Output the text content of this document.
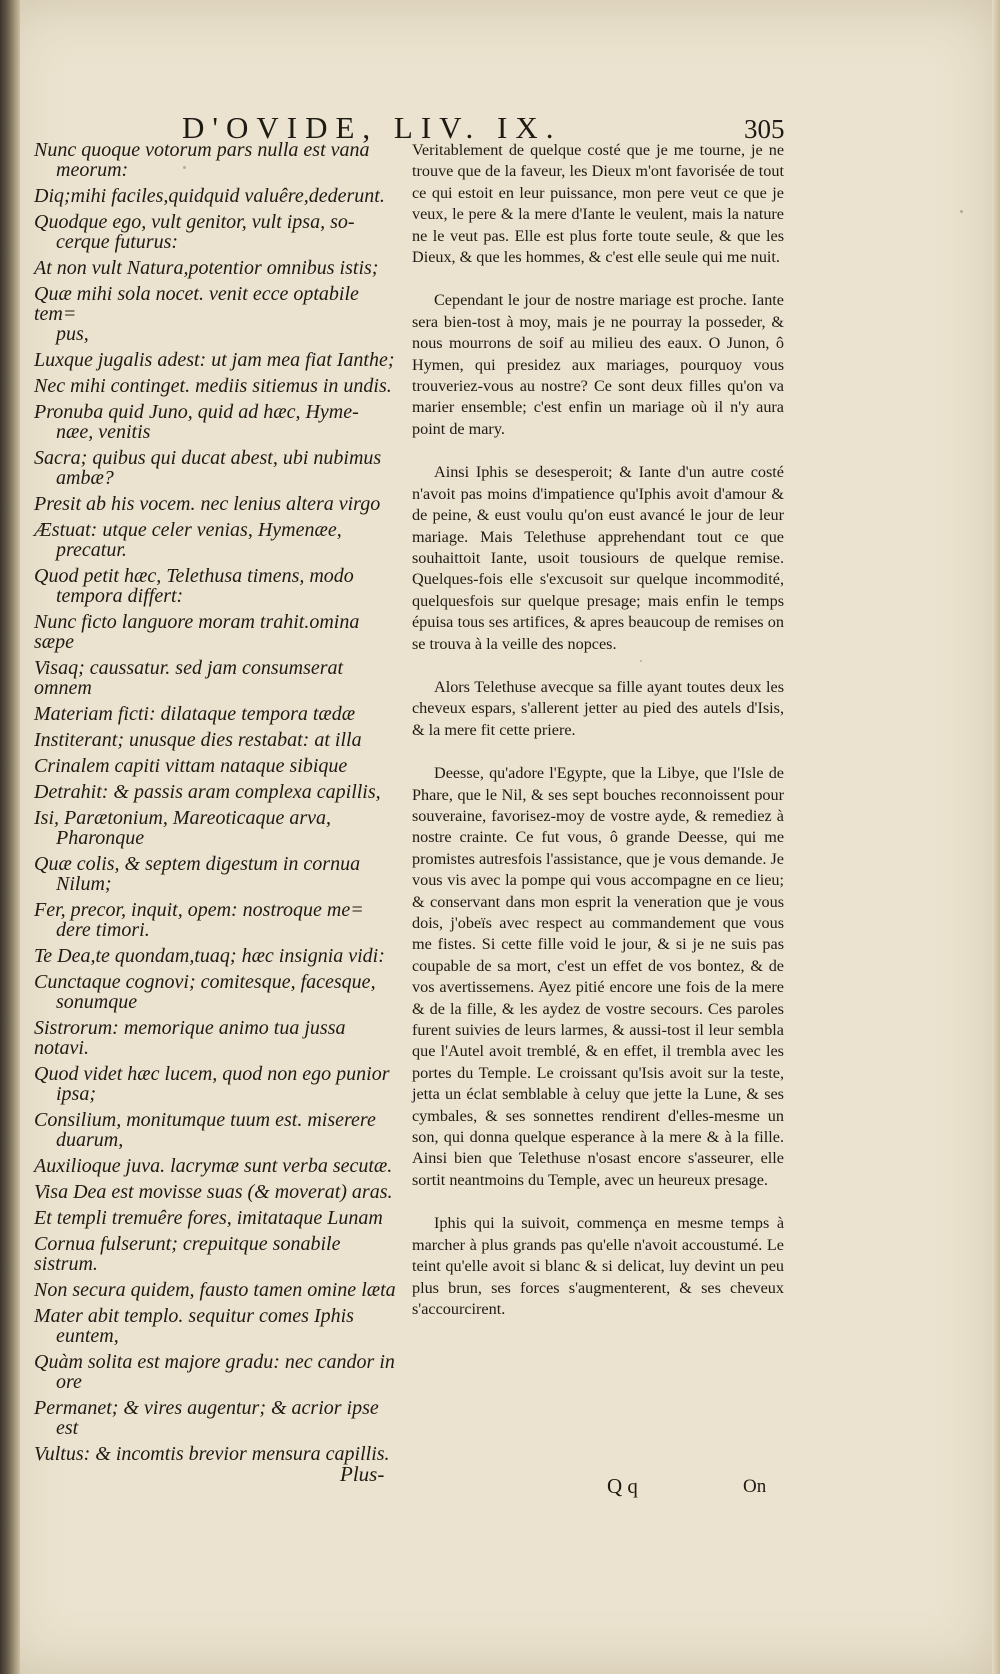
D'OVIDE, LIV. IX.	305

Nunc quoque votorum pars nulla est vana
meorum:

Diq;mihi faciles,quidquid valuêre,dederunt.

Quodque ego, vult genitor, vult ipsa, so-
cerque futurus:

At non vult Natura,potentior omnibus istis;

Quæ mihi sola nocet. venit ecce optabile tem=
pus,

Luxque jugalis adest: ut jam mea fiat Ianthe;

Nec mihi continget. mediis sitiemus in undis.

Pronuba quid Juno, quid ad hæc, Hyme-
næe, venitis

Sacra; quibus qui ducat abest, ubi nubimus
ambæ?

Presit ab his vocem. nec lenius altera virgo

Æstuat: utque celer venias, Hymenæe,
precatur.

Quod petit hæc, Telethusa timens, modo
tempora differt:

Nunc ficto languore moram trahit.omina sæpe

Visaq; caussatur. sed jam consumserat omnem

Materiam ficti: dilataque tempora tædæ

Institerant; unusque dies restabat: at illa

Crinalem capiti vittam nataque sibique

Detrahit: & passis aram complexa capillis,

Isi, Parætonium, Mareoticaque arva,
Pharonque

Quæ colis, & septem digestum in cornua
Nilum;

Fer, precor, inquit, opem: nostroque me=
dere timori.

Te Dea,te quondam,tuaq; hæc insignia vidi:

Cunctaque cognovi; comitesque, facesque,
sonumque

Sistrorum: memorique animo tua jussa notavi.

Quod videt hæc lucem, quod non ego punior
ipsa;

Consilium, monitumque tuum est. miserere
duarum,

Auxilioque juva. lacrymæ sunt verba secutæ.

Visa Dea est movisse suas (& moverat) aras.

Et templi tremuêre fores, imitataque Lunam

Cornua fulserunt; crepuitque sonabile sistrum.

Non secura quidem, fausto tamen omine læta

Mater abit templo. sequitur comes Iphis
euntem,

Quàm solita est majore gradu: nec candor in
ore

Permanet; & vires augentur; & acrior ipse
est

Vultus: & incomtis brevior mensura capillis.

Plus-

Veritablement de quelque costé que je me tourne, je ne trouve que de la faveur, les Dieux m'ont favorisée de tout ce qui estoit en leur puissance, mon pere veut ce que je veux, le pere & la mere d'Iante le veulent, mais la nature ne le veut pas. Elle est plus forte toute seule, & que les Dieux, & que les hommes, & c'est elle seule qui me nuit.

Cependant le jour de nostre mariage est proche. Iante sera bien-tost à moy, mais je ne pourray la posseder, & nous mourrons de soif au milieu des eaux. O Junon, ô Hymen, qui presidez aux mariages, pourquoy vous trouveriez-vous au nostre? Ce sont deux filles qu'on va marier ensemble; c'est enfin un mariage où il n'y aura point de mary.

Ainsi Iphis se desesperoit; & Iante d'un autre costé n'avoit pas moins d'impatience qu'Iphis avoit d'amour & de peine, & eust voulu qu'on eust avancé le jour de leur mariage. Mais Telethuse apprehendant tout ce que souhaittoit Iante, usoit tousiours de quelque remise. Quelques-fois elle s'excusoit sur quelque incommodité, quelquesfois sur quelque presage; mais enfin le temps épuisa tous ses artifices, & apres beaucoup de remises on se trouva à la veille des nopces.

Alors Telethuse avecque sa fille ayant toutes deux les cheveux espars, s'allerent jetter au pied des autels d'Isis, & la mere fit cette priere.

Deesse, qu'adore l'Egypte, que la Libye, que l'Isle de Phare, que le Nil, & ses sept bouches reconnoissent pour souveraine, favorisez-moy de vostre ayde, & remediez à nostre crainte. Ce fut vous, ô grande Deesse, qui me promistes autresfois l'assistance, que je vous demande. Je vous vis avec la pompe qui vous accompagne en ce lieu; & conservant dans mon esprit la veneration que je vous dois, j'obeïs avec respect au commandement que vous me fistes. Si cette fille void le jour, & si je ne suis pas coupable de sa mort, c'est un effet de vos bontez, & de vos avertissemens. Ayez pitié encore une fois de la mere & de la fille, & les aydez de vostre secours. Ces paroles furent suivies de leurs larmes, & aussi-tost il leur sembla que l'Autel avoit tremblé, & en effet, il trembla avec les portes du Temple. Le croissant qu'Isis avoit sur la teste, jetta un éclat semblable à celuy que jette la Lune, & ses cymbales, & ses sonnettes rendirent d'elles-mesme un son, qui donna quelque esperance à la mere & à la fille. Ainsi bien que Telethuse n'osast encore s'asseurer, elle sortit neantmoins du Temple, avec un heureux presage.

Iphis qui la suivoit, commença en mesme temps à marcher à plus grands pas qu'elle n'avoit accoustumé. Le teint qu'elle avoit si blanc & si delicat, luy devint un peu plus brun, ses forces s'augmenterent, & ses cheveux s'accourcirent.

Q q	On
